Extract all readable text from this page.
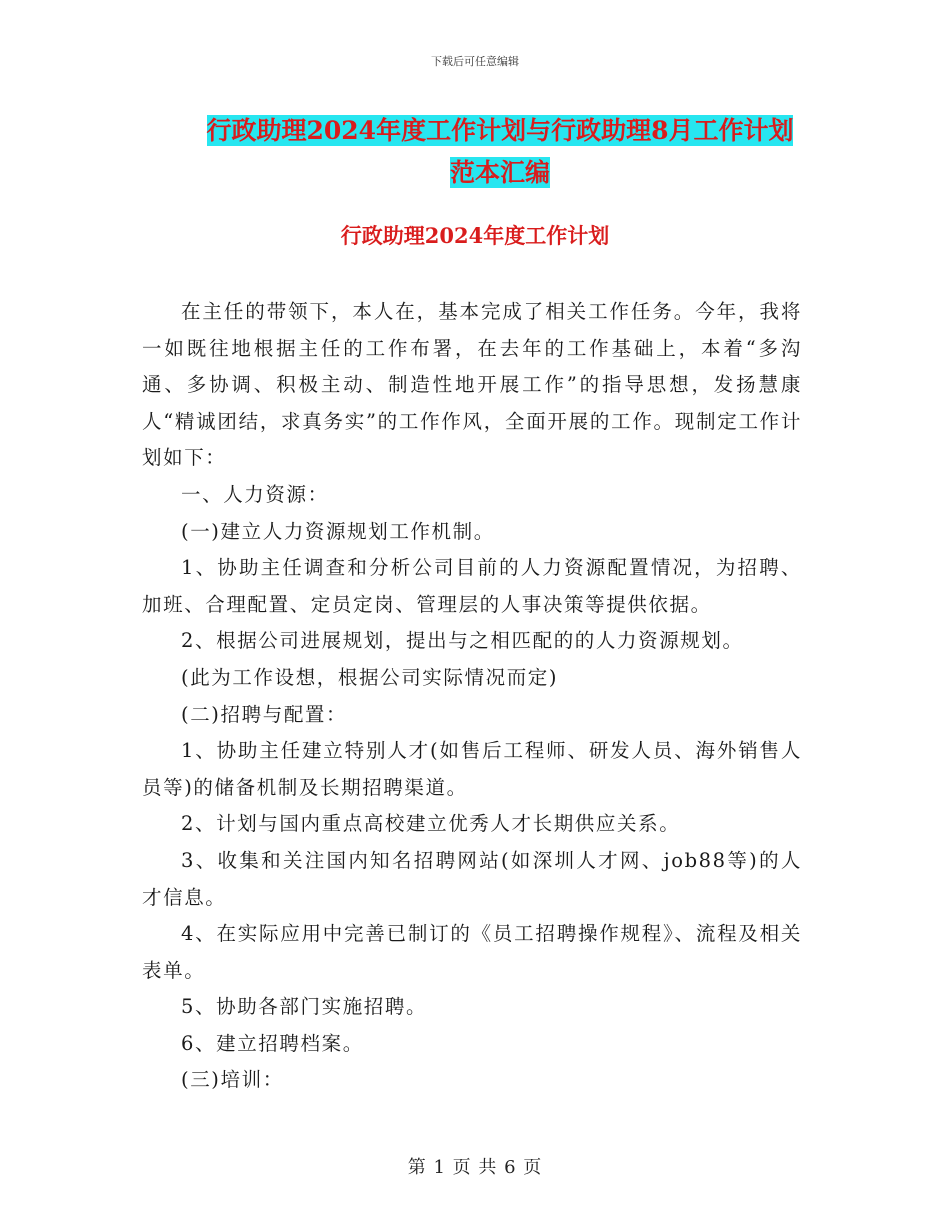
下载后可任意编辑
行政助理2024年度工作计划与行政助理8月工作计划
范本汇编
行政助理2024年度工作计划

在主任的带领下，本人在，基本完成了相关工作任务。今年，我将一如既往地根据主任的工作布署，在去年的工作基础上，本着“多沟通、多协调、积极主动、制造性地开展工作”的指导思想，发扬慧康人“精诚团结，求真务实”的工作作风，全面开展的工作。现制定工作计划如下：

一、人力资源：

(一)建立人力资源规划工作机制。

1、协助主任调查和分析公司目前的人力资源配置情况，为招聘、加班、合理配置、定员定岗、管理层的人事决策等提供依据。

2、根据公司进展规划，提出与之相匹配的的人力资源规划。

(此为工作设想，根据公司实际情况而定)

(二)招聘与配置：

1、协助主任建立特别人才(如售后工程师、研发人员、海外销售人员等)的储备机制及长期招聘渠道。

2、计划与国内重点高校建立优秀人才长期供应关系。

3、收集和关注国内知名招聘网站(如深圳人才网、job88等)的人才信息。

4、在实际应用中完善已制订的《员工招聘操作规程》、流程及相关表单。

5、协助各部门实施招聘。

6、建立招聘档案。

(三)培训：

第 1 页 共 6 页
